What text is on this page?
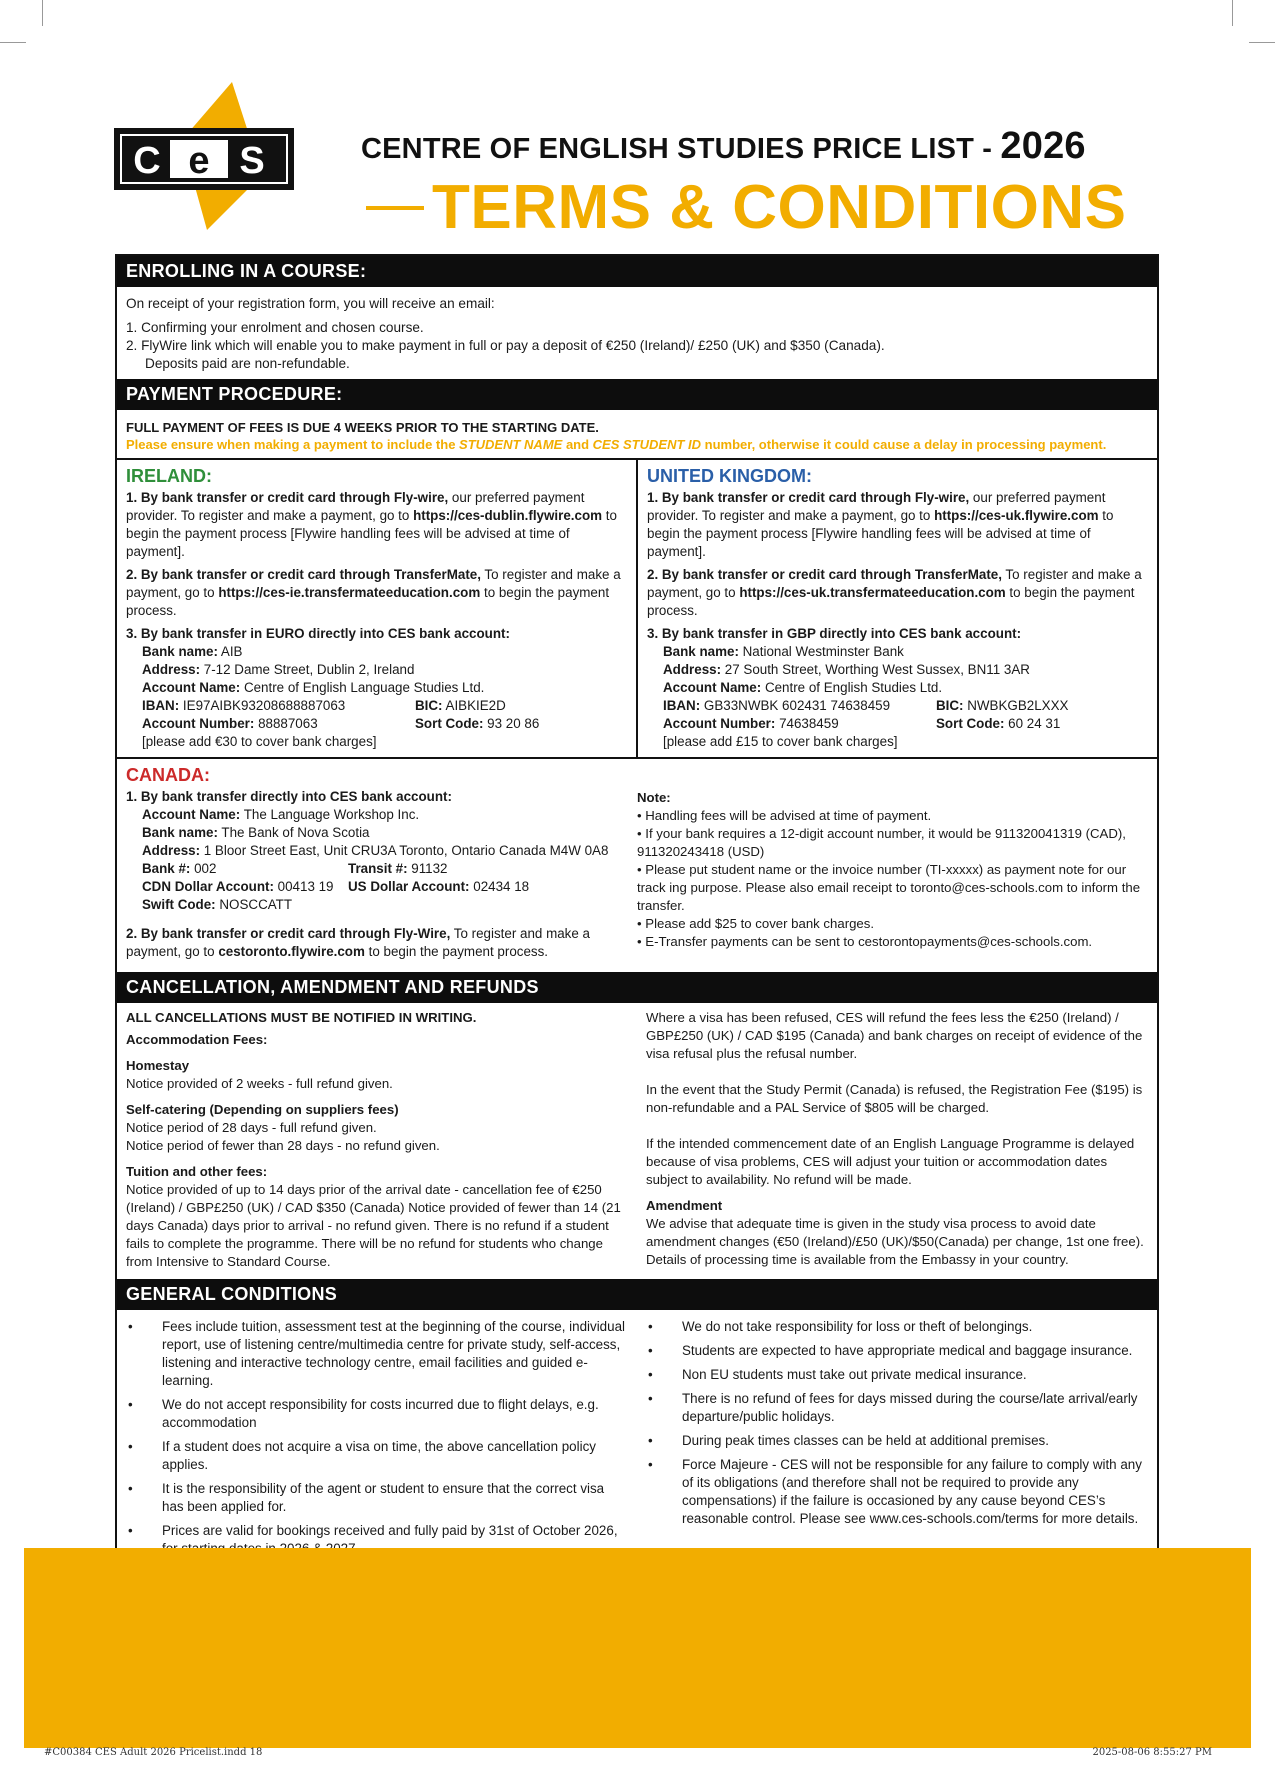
C e S	CENTRE OF ENGLISH STUDIES PRICE LIST - 2026
TERMS & CONDITIONS
ENROLLING IN A COURSE:
On receipt of your registration form, you will receive an email:
1. Confirming your enrolment and chosen course.
2. FlyWire link which will enable you to make payment in full or pay a deposit of €250 (Ireland)/ £250 (UK) and $350 (Canada).
Deposits paid are non-refundable.
PAYMENT PROCEDURE:
FULL PAYMENT OF FEES IS DUE 4 WEEKS PRIOR TO THE STARTING DATE.
Please ensure when making a payment to include the STUDENT NAME and CES STUDENT ID number, otherwise it could cause a delay in processing payment.
IRELAND:
1. By bank transfer or credit card through Fly-wire, our preferred payment provider. To register and make a payment, go to https://ces-dublin.flywire.com to begin the payment process [Flywire handling fees will be advised at time of payment].
2. By bank transfer or credit card through TransferMate, To register and make a payment, go to https://ces-ie.transfermateeducation.com to begin the payment process.
3. By bank transfer in EURO directly into CES bank account:
Bank name: AIB
Address: 7-12 Dame Street, Dublin 2, Ireland
Account Name: Centre of English Language Studies Ltd.
IBAN: IE97AIBK93208688887063	BIC: AIBKIE2D
Account Number: 88887063	Sort Code: 93 20 86
[please add €30 to cover bank charges]
UNITED KINGDOM:
1. By bank transfer or credit card through Fly-wire, our preferred payment provider. To register and make a payment, go to https://ces-uk.flywire.com to begin the payment process [Flywire handling fees will be advised at time of payment].
2. By bank transfer or credit card through TransferMate, To register and make a payment, go to https://ces-uk.transfermateeducation.com to begin the payment process.
3. By bank transfer in GBP directly into CES bank account:
Bank name: National Westminster Bank
Address: 27 South Street, Worthing West Sussex, BN11 3AR
Account Name: Centre of English Studies Ltd.
IBAN: GB33NWBK 602431 74638459	BIC: NWBKGB2LXXX
Account Number: 74638459	Sort Code: 60 24 31
[please add £15 to cover bank charges]
CANADA:
1. By bank transfer directly into CES bank account:
Account Name: The Language Workshop Inc.
Bank name: The Bank of Nova Scotia
Address: 1 Bloor Street East, Unit CRU3A Toronto, Ontario Canada M4W 0A8
Bank #: 002	Transit #: 91132
CDN Dollar Account: 00413 19	US Dollar Account: 02434 18
Swift Code: NOSCCATT
2. By bank transfer or credit card through Fly-Wire, To register and make a payment, go to cestoronto.flywire.com to begin the payment process.
Note:
• Handling fees will be advised at time of payment.
• If your bank requires a 12-digit account number, it would be 911320041319 (CAD), 911320243418 (USD)
• Please put student name or the invoice number (TI-xxxxx) as payment note for our track ing purpose. Please also email receipt to toronto@ces-schools.com to inform the transfer.
• Please add $25 to cover bank charges.
• E-Transfer payments can be sent to cestorontopayments@ces-schools.com.
CANCELLATION, AMENDMENT AND REFUNDS
ALL CANCELLATIONS MUST BE NOTIFIED IN WRITING.
Accommodation Fees:
Homestay
Notice provided of 2 weeks - full refund given.
Self-catering (Depending on suppliers fees)
Notice period of 28 days - full refund given.
Notice period of fewer than 28 days - no refund given.
Tuition and other fees:
Notice provided of up to 14 days prior of the arrival date - cancellation fee of €250 (Ireland) / GBP£250 (UK) / CAD $350 (Canada) Notice provided of fewer than 14 (21 days Canada) days prior to arrival - no refund given. There is no refund if a student fails to complete the programme. There will be no refund for students who change from Intensive to Standard Course.
Where a visa has been refused, CES will refund the fees less the €250 (Ireland) / GBP£250 (UK) / CAD $195 (Canada) and bank charges on receipt of evidence of the visa refusal plus the refusal number.
In the event that the Study Permit (Canada) is refused, the Registration Fee ($195) is non-refundable and a PAL Service of $805 will be charged.
If the intended commencement date of an English Language Programme is delayed because of visa problems, CES will adjust your tuition or accommodation dates subject to availability. No refund will be made.
Amendment
We advise that adequate time is given in the study visa process to avoid date amendment changes (€50 (Ireland)/£50 (UK)/$50(Canada) per change, 1st one free). Details of processing time is available from the Embassy in your country.
GENERAL CONDITIONS
•	Fees include tuition, assessment test at the beginning of the course, individual report, use of listening centre/multimedia centre for private study, self-access, listening and interactive technology centre, email facilities and guided e-learning.
•	We do not accept responsibility for costs incurred due to flight delays, e.g. accommodation
•	If a student does not acquire a visa on time, the above cancellation policy applies.
•	It is the responsibility of the agent or student to ensure that the correct visa has been applied for.
•	Prices are valid for bookings received and fully paid by 31st of October 2026,
•	We do not take responsibility for loss or theft of belongings.
•	Students are expected to have appropriate medical and baggage insurance.
•	Non EU students must take out private medical insurance.
•	There is no refund of fees for days missed during the course/late arrival/early departure/public holidays.
•	During peak times classes can be held at additional premises.
•	Force Majeure - CES will not be responsible for any failure to comply with any of its obligations (and therefore shall not be required to provide any compensations) if the failure is occasioned by any cause beyond CES’s reasonable control. Please see www.ces-schools.com/terms for more details.
#C00384 CES Adult 2026 Pricelist.indd 18	2025-08-06 8:55:27 PM
